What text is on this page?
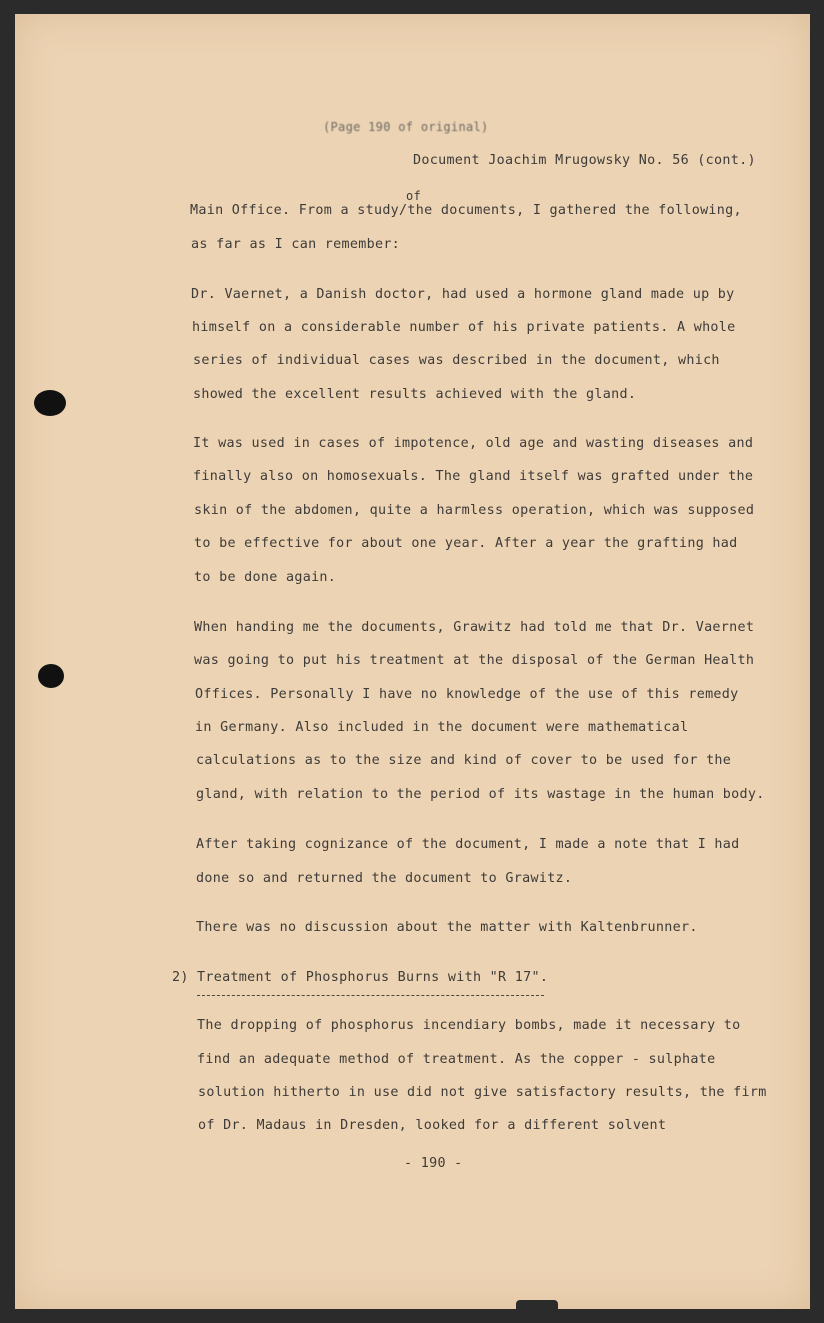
(Page 190 of original)
Document Joachim Mrugowsky No. 56 (cont.)
of
Main Office. From a study/the documents, I gathered the following,
as far as I can remember:
Dr. Vaernet, a Danish doctor, had used a hormone gland made up by
himself on a considerable number of his private patients. A whole
series of individual cases was described in the document, which
showed the excellent results achieved with the gland.
It was used in cases of impotence, old age and wasting diseases and
finally also on homosexuals. The gland itself was grafted under the
skin of the abdomen, quite a harmless operation, which was supposed
to be effective for about one year. After a year the grafting had
to be done again.
When handing me the documents, Grawitz had told me that Dr. Vaernet
was going to put his treatment at the disposal of the German Health
Offices. Personally I have no knowledge of the use of this remedy
in Germany. Also included in the document were mathematical
calculations as to the size and kind of cover to be used for the
gland, with relation to the period of its wastage in the human body.
After taking cognizance of the document, I made a note that I had
done so and returned the document to Grawitz.
There was no discussion about the matter with Kaltenbrunner.
2) Treatment of Phosphorus Burns with "R 17".
The dropping of phosphorus incendiary bombs, made it necessary to
find an adequate method of treatment. As the copper - sulphate
solution hitherto in use did not give satisfactory results, the firm
of Dr. Madaus in Dresden, looked for a different solvent
- 190 -
